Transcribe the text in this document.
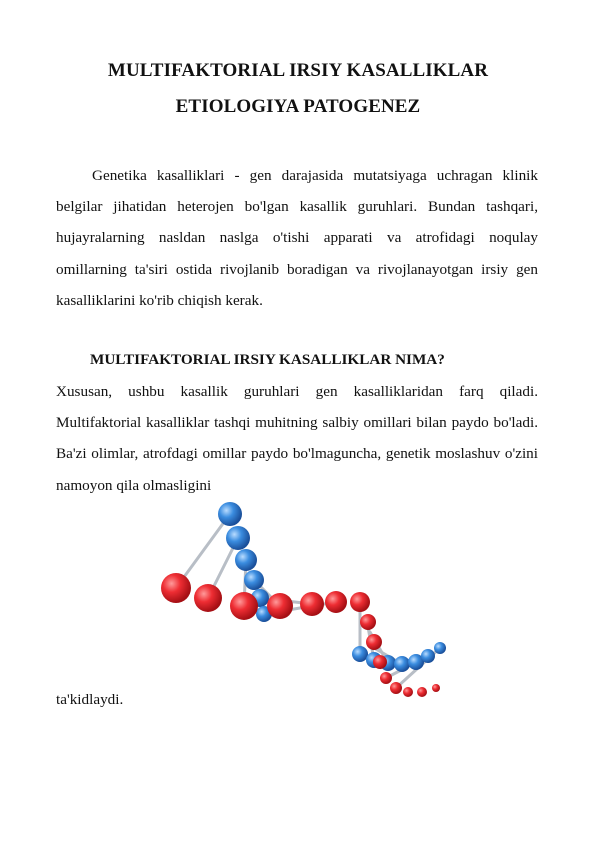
MULTIFAKTORIAL IRSIY KASALLIKLAR
ETIOLOGIYA PATOGENEZ
Genetika kasalliklari - gen darajasida mutatsiyaga uchragan klinik belgilar jihatidan heterojen bo'lgan kasallik guruhlari. Bundan tashqari, hujayralarning nasldan naslga o'tishi apparati va atrofidagi noqulay omillarning ta'siri ostida rivojlanib boradigan va rivojlanayotgan irsiy gen kasalliklarini ko'rib chiqish kerak.
MULTIFAKTORIAL IRSIY KASALLIKLAR NIMA?
Xususan, ushbu kasallik guruhlari gen kasalliklaridan farq qiladi. Multifaktorial kasalliklar tashqi muhitning salbiy omillari bilan paydo bo'ladi. Ba'zi olimlar, atrofdagi omillar paydo bo'lmaguncha, genetik moslashuv o'zini namoyon qila olmasligini
ta'kidlaydi.
